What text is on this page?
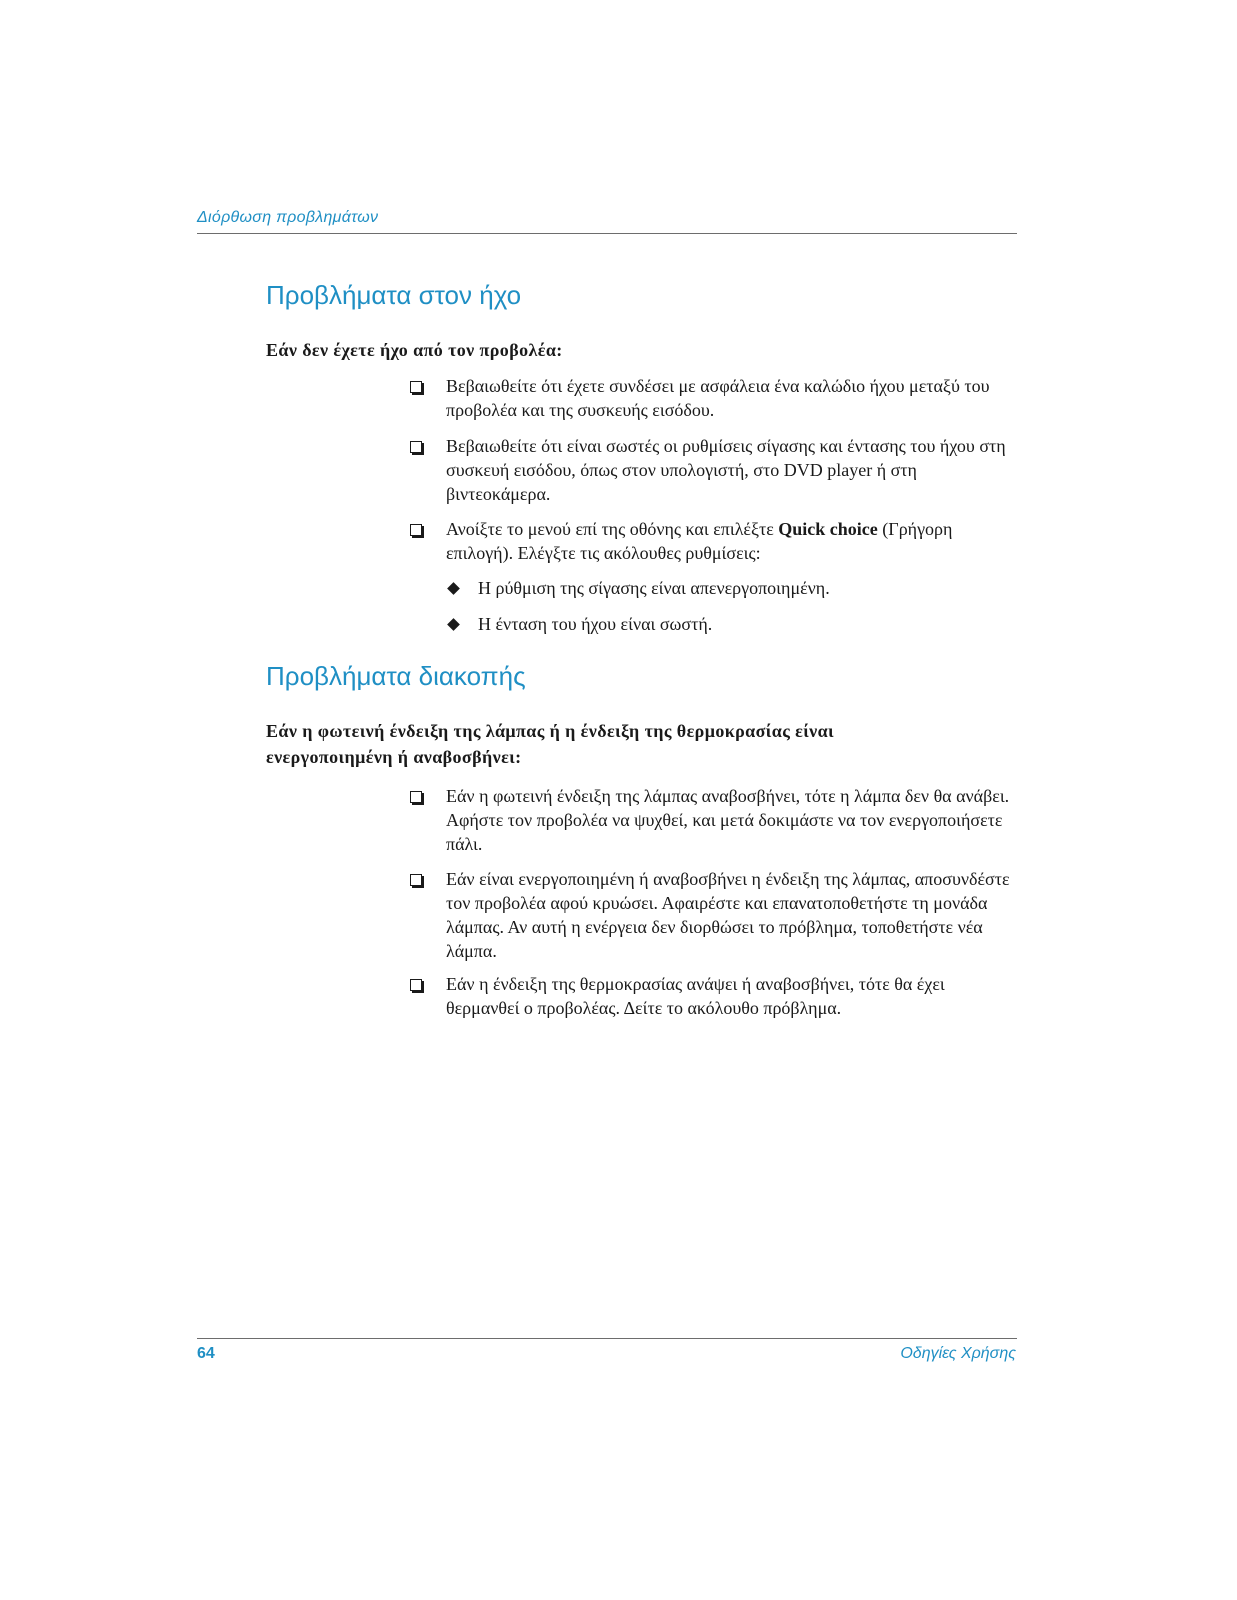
Διόρθωση προβλημάτων
Προβλήματα στον ήχο

Εάν δεν έχετε ήχο από τον προβολέα:

Βεβαιωθείτε ότι έχετε συνδέσει με ασφάλεια ένα καλώδιο ήχου μεταξύ του προβολέα και της συσκευής εισόδου.
Βεβαιωθείτε ότι είναι σωστές οι ρυθμίσεις σίγασης και έντασης του ήχου στη συσκευή εισόδου, όπως στον υπολογιστή, στο DVD player ή στη βιντεοκάμερα.
Ανοίξτε το μενού επί της οθόνης και επιλέξτε Quick choice (Γρήγορη επιλογή). Ελέγξτε τις ακόλουθες ρυθμίσεις:
Η ρύθμιση της σίγασης είναι απενεργοποιημένη.
Η ένταση του ήχου είναι σωστή.
Προβλήματα διακοπής

Εάν η φωτεινή ένδειξη της λάμπας ή η ένδειξη της θερμοκρασίας είναι ενεργοποιημένη ή αναβοσβήνει:

Εάν η φωτεινή ένδειξη της λάμπας αναβοσβήνει, τότε η λάμπα δεν θα ανάβει. Αφήστε τον προβολέα να ψυχθεί, και μετά δοκιμάστε να τον ενεργοποιήσετε πάλι.
Εάν είναι ενεργοποιημένη ή αναβοσβήνει η ένδειξη της λάμπας, αποσυνδέστε τον προβολέα αφού κρυώσει. Αφαιρέστε και επανατοποθετήστε τη μονάδα λάμπας. Αν αυτή η ενέργεια δεν διορθώσει το πρόβλημα, τοποθετήστε νέα λάμπα.
Εάν η ένδειξη της θερμοκρασίας ανάψει ή αναβοσβήνει, τότε θα έχει θερμανθεί ο προβολέας. Δείτε το ακόλουθο πρόβλημα.
64	Οδηγίες Χρήσης
